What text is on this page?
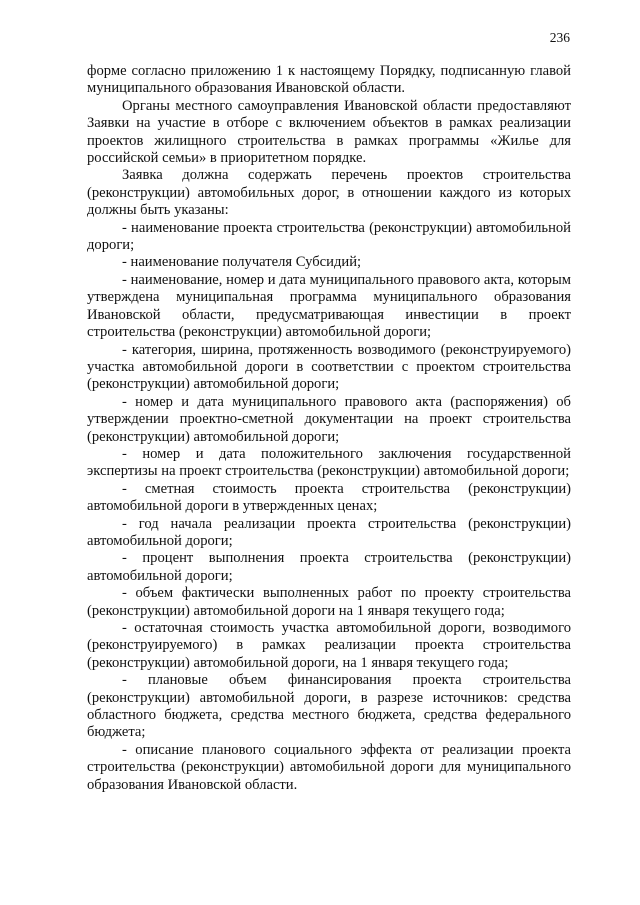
236

форме согласно приложению 1 к настоящему Порядку, подписанную главой муниципального образования Ивановской области.

Органы местного самоуправления Ивановской области предоставляют Заявки на участие в отборе с включением объектов в рамках реализации проектов жилищного строительства в рамках программы «Жилье для российской семьи» в приоритетном порядке.

Заявка должна содержать перечень проектов строительства (реконструкции) автомобильных дорог, в отношении каждого из которых должны быть указаны:

- наименование проекта строительства (реконструкции) автомобильной дороги;

- наименование получателя Субсидий;

- наименование, номер и дата муниципального правового акта, которым утверждена муниципальная программа муниципального образования Ивановской области, предусматривающая инвестиции в проект строительства (реконструкции) автомобильной дороги;

- категория, ширина, протяженность возводимого (реконструируемого) участка автомобильной дороги в соответствии с проектом строительства (реконструкции) автомобильной дороги;

- номер и дата муниципального правового акта (распоряжения) об утверждении проектно-сметной документации на проект строительства (реконструкции) автомобильной дороги;

- номер и дата положительного заключения государственной экспертизы на проект строительства (реконструкции) автомобильной дороги;

- сметная стоимость проекта строительства (реконструкции) автомобильной дороги в утвержденных ценах;

- год начала реализации проекта строительства (реконструкции) автомобильной дороги;

- процент выполнения проекта строительства (реконструкции) автомобильной дороги;

- объем фактически выполненных работ по проекту строительства (реконструкции) автомобильной дороги на 1 января текущего года;

- остаточная стоимость участка автомобильной дороги, возводимого (реконструируемого) в рамках реализации проекта строительства (реконструкции) автомобильной дороги, на 1 января текущего года;

- плановые объем финансирования проекта строительства (реконструкции) автомобильной дороги, в разрезе источников: средства областного бюджета, средства местного бюджета, средства федерального бюджета;

- описание планового социального эффекта от реализации проекта строительства (реконструкции) автомобильной дороги для муниципального образования Ивановской области.
